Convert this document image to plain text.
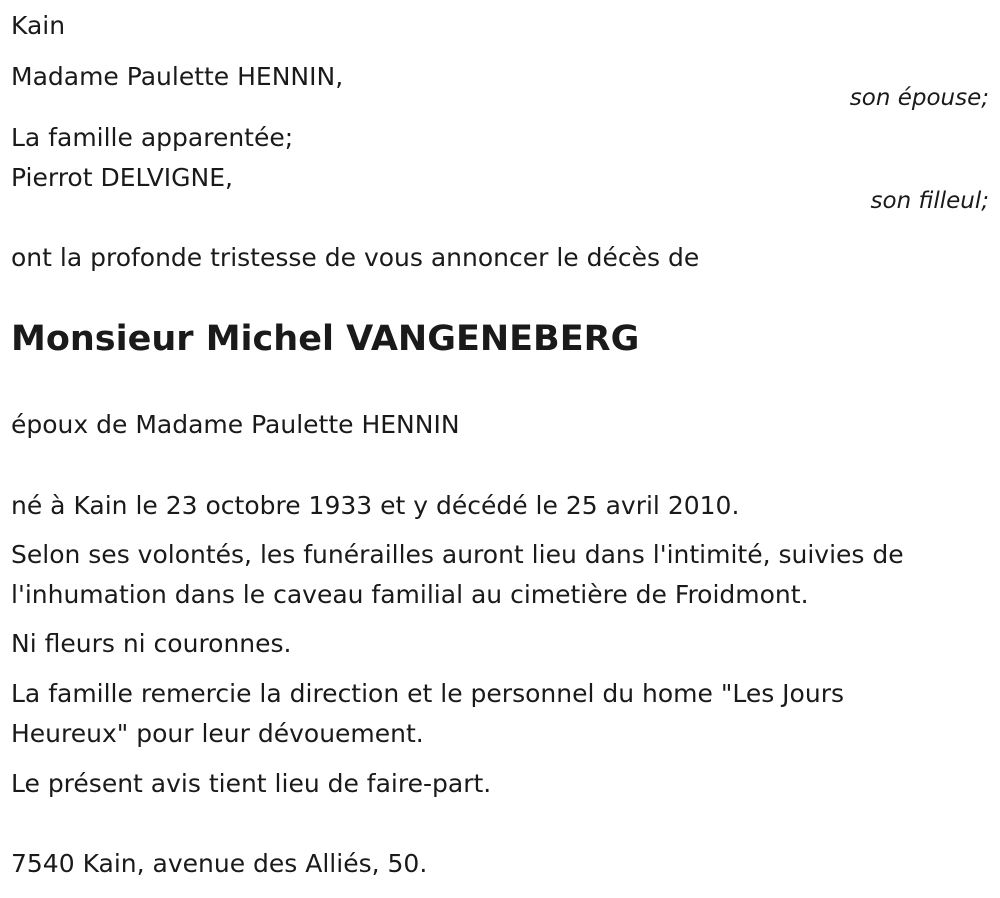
Kain
Madame Paulette HENNIN,
son épouse;
La famille apparentée;
Pierrot DELVIGNE,
son filleul;
ont la profonde tristesse de vous annoncer le décès de
Monsieur Michel VANGENEBERG
époux de Madame Paulette HENNIN
né à Kain le 23 octobre 1933 et y décédé le 25 avril 2010.
Selon ses volontés, les funérailles auront lieu dans l'intimité, suivies de
l'inhumation dans le caveau familial au cimetière de Froidmont.
Ni fleurs ni couronnes.
La famille remercie la direction et le personnel du home "Les Jours
Heureux" pour leur dévouement.
Le présent avis tient lieu de faire-part.
7540 Kain, avenue des Alliés, 50.
